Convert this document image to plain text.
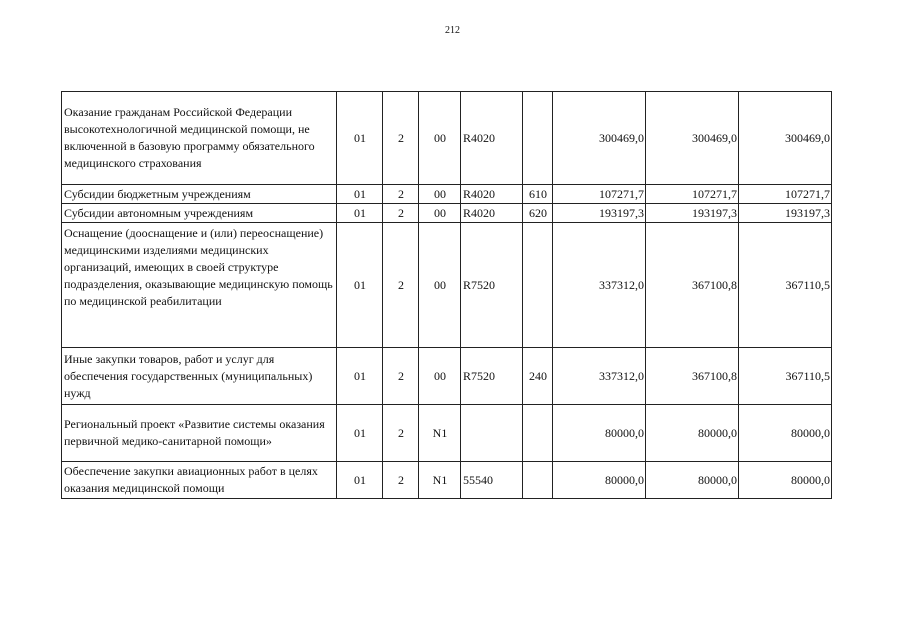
212
Оказание гражданам Российской Федерации высокотехнологичной медицинской помощи, не включенной в базовую программу обязательного медицинского страхования	01	2	00	R4020		300469,0	300469,0	300469,0
Субсидии бюджетным учреждениям	01	2	00	R4020	610	107271,7	107271,7	107271,7
Субсидии автономным учреждениям	01	2	00	R4020	620	193197,3	193197,3	193197,3
Оснащение (дооснащение и (или) переоснащение) медицинскими изделиями медицинских организаций, имеющих в своей структуре подразделения, оказывающие медицинскую помощь по медицинской реабилитации	01	2	00	R7520		337312,0	367100,8	367110,5
Иные закупки товаров, работ и услуг для обеспечения государственных (муниципальных) нужд	01	2	00	R7520	240	337312,0	367100,8	367110,5
Региональный проект «Развитие системы оказания первичной медико-санитарной помощи»	01	2	N1			80000,0	80000,0	80000,0
Обеспечение закупки авиационных работ в целях оказания медицинской помощи	01	2	N1	55540		80000,0	80000,0	80000,0
